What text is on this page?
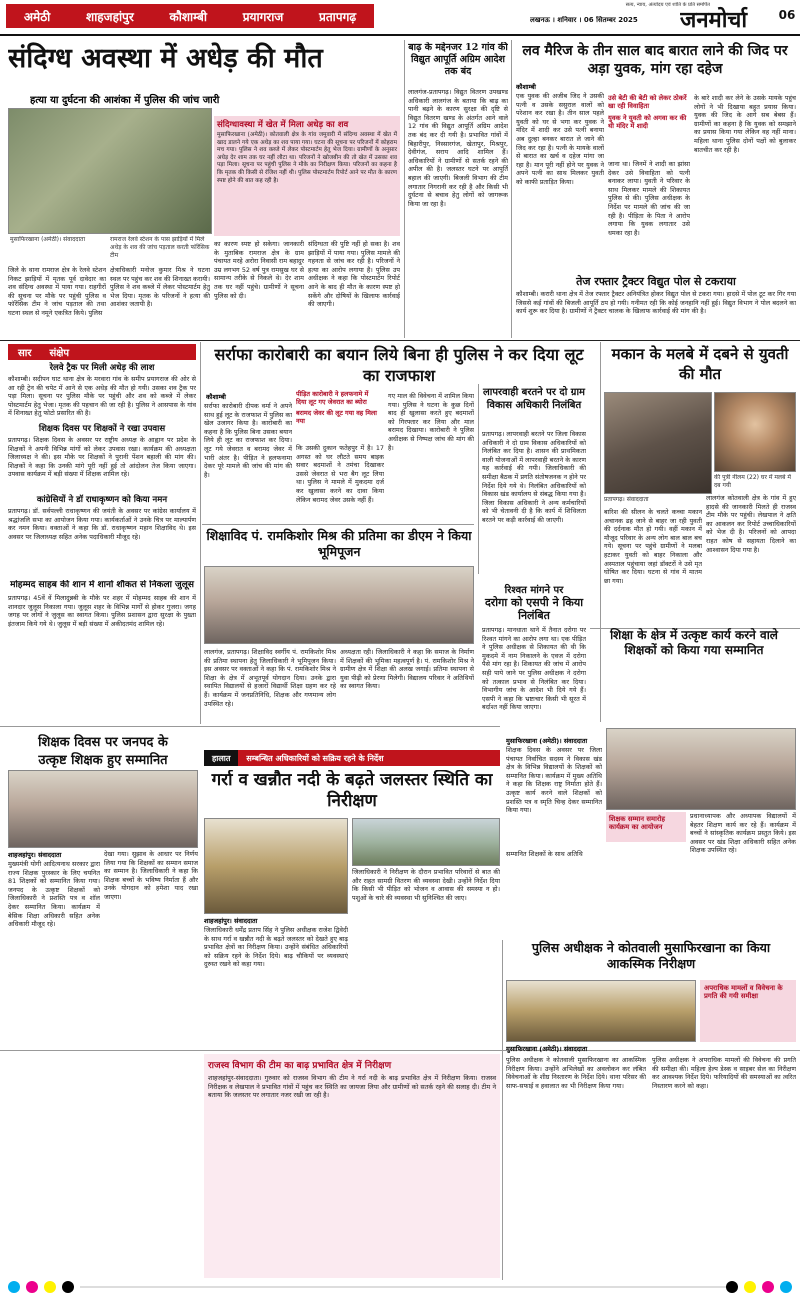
अमेठी	शाहजहांपुर	कौशाम्बी	प्रयागराज	प्रतापगढ़
सत्य, न्याय, अंत्योदय एवं शांति के प्रति समर्पित
लखनऊ । शनिवार । 06 सितम्बर 2025	जनमोर्चा	06
संदिग्ध अवस्था में अधेड़ की मौत
हत्या या दुर्घटना की आशंका में पुलिस की जांच जारी
मुसाफिरखाना (अमेठी)। संवाददाता	रामराज रेलवे स्टेशन के पास झाड़ियों में मिले अधेड़ के शव की जांच पड़ताल करती फॉरेंसिक टीम
संदिग्धावस्था में खेत में मिला अधेड़ का शव
मुसाफिरखाना (अमेठी)। कोतवाली क्षेत्र के गांव जमुवारी में संदिग्ध अवस्था में खेत में खाद डालने गये एक अधेड़ का शव पाया गया। घटना की सूचना पर परिजनों में कोहराम मच गया। पुलिस ने शव कब्जे में लेकर पोस्टमार्टम हेतु भेज दिया। ग्रामीणों के अनुसार अधेड़ देर शाम तक घर नहीं लौटा था। परिजनों ने खोजबीन की तो खेत में उसका शव पड़ा मिला। सूचना पर पहुंची पुलिस ने मौके का निरीक्षण किया। परिजनों का कहना है कि मृतक की किसी से रंजिश नहीं थी। पुलिस पोस्टमार्टम रिपोर्ट आने पर मौत के कारण स्पष्ट होने की बात कह रही है।
जिले के थाना रामराज क्षेत्र के रेलवे स्टेशन निकट झाड़ियों में मृतक पूर्व दावेदार का शव संदिग्ध अवस्था में पाया गया। राहगीरों की सूचना पर मौके पर पहुंची पुलिस व फॉरेंसिक टीम ने जांच पड़ताल की तथा घटना स्थल से नमूने एकत्रित किये। पुलिस
क्षेत्राधिकारी मनोज कुमार मिश्र ने घटना स्थल पर पहुंच कर शव की शिनाख्त करायी। पुलिस ने शव कब्जे में लेकर पोस्टमार्टम हेतु भेज दिया। मृतक के परिजनों ने हत्या की आशंका जतायी है।
का कारण स्पष्ट हो सकेगा। जानकारी के मुताबिक रामराज क्षेत्र के ग्राम पंचायत मरहे अरोरा निवासी राम बहादुर उम्र लगभग 52 वर्ष पुत्र रामसुख घर से सामान्य तरीके से निकले थे। देर शाम तक घर नहीं पहुंचे। ग्रामीणों ने सूचना पुलिस को दी।
संदिग्धता की पुष्टि नहीं हो सका है। शव झाड़ियों में पाया गया। पुलिस मामले की गहनता से जांच कर रही है। परिजनों ने हत्या का आरोप लगाया है। पुलिस उप अधीक्षक ने कहा कि पोस्टमार्टम रिपोर्ट आने के बाद ही मौत के कारण स्पष्ट हो सकेंगे और दोषियों के खिलाफ कार्रवाई की जाएगी।
बाढ़ के मद्देनजर 12 गांव की विद्युत आपूर्ति अग्रिम आदेश तक बंद
लालगंज-प्रतापगढ़। विद्युत वितरण उपखण्ड अधिकारी लालगंज के बताया कि बाढ़ का पानी बढ़ने के कारण सुरक्षा की दृष्टि से विद्युत वितरण खण्ड के अंतर्गत आने वाले 12 गांव की विद्युत आपूर्ति अग्रिम आदेश तक बंद कर दी गयी है। प्रभावित गांवों में बिहारीपुर, निस्सारगंज, खेतापुर, मिश्रपुर, देवीगंज, सराय आदि शामिल हैं। अधिकारियों ने ग्रामीणों से सतर्क रहने की अपील की है। जलस्तर घटने पर आपूर्ति बहाल की जाएगी। बिजली विभाग की टीम लगातार निगरानी कर रही है और किसी भी दुर्घटना से बचाव हेतु लोगों को जागरूक किया जा रहा है।
लव मैरिज के तीन साल बाद बारात लाने की जिद पर अड़ा युवक, मांग रहा दहेज
कौशाम्बी
एक युवक की अजीब जिद ने उसकी पत्नी व उसके ससुराल वालों को परेशान कर रखा है। तीन साल पहले युवती को घर से भगा कर युवक ने मंदिर में शादी कर उसे पत्नी बनाया अब दुल्हा बनकर बारात ले जाने की जिद कर रहा है। पत्नी के मायके वालों से बारात का खर्च व दहेज मांगा जा रहा है। मान पूरी नहीं होने पर युवक ने अपने पत्नी का साथ मिलकर युवती को काफी प्रताड़ित किया।
उसे बेटी की बेटी को लेकर ठोकरें खा रही विवाहिता
युवक ने युवती को अगवा कर की थी मंदिर में शादी
जाना था। जिनमें ने शादी का झांसा देकर उसे विवाहिता को पत्नी बनाकर लाया। युवती ने परिवार के साथ मिलकर मामले की शिकायत पुलिस से की। पुलिस अधीक्षक के निर्देश पर मामले की जांच की जा रही है। पीड़िता के पिता ने आरोप लगाया कि युवक लगातार उसे धमका रहा है।
के बारे शादी कर लेने के उसके मायके पहुंच लोगों ने भी दिखाया बहुत प्रयास किया। युवक की जिद के आगे सब बेबस हैं। ग्रामीणों का कहना है कि युवक को समझाने का प्रयास किया गया लेकिन वह नहीं माना। महिला थाना पुलिस दोनों पक्षों को बुलाकर बातचीत कर रही है।
तेज रफ्तार ट्रैक्टर विद्युत पोल से टकराया
कौशाम्बी। करारी थाना क्षेत्र में तेज रफ्तार ट्रैक्टर अनियंत्रित होकर विद्युत पोल से टकरा गया। हादसे में पोल टूट कर गिर गया जिससे कई गांवों की बिजली आपूर्ति ठप हो गयी। गनीमत रही कि कोई जनहानि नहीं हुई। विद्युत विभाग ने पोल बदलने का कार्य शुरू कर दिया है। ग्रामीणों ने ट्रैक्टर चालक के खिलाफ कार्रवाई की मांग की है।
सार संक्षेप
रेलवे ट्रैक पर मिली अधेड़ की लाश
कौशाम्बी। सदीपन घाट थाना क्षेत्र के मरवारा गांव के समीप प्रयागराज की ओर से आ रही ट्रेन की चपेट में आने से एक अधेड़ की मौत हो गयी। उसका शव ट्रैक पर पड़ा मिला। सूचना पर पुलिस मौके पर पहुंची और शव को कब्जे में लेकर पोस्टमार्टम हेतु भेजा। मृतक की पहचान की जा रही है। पुलिस ने आसपास के गांव में शिनाख्त हेतु फोटो प्रसारित की है।
शिक्षक दिवस पर शिक्षकों ने रखा उपवास
प्रतापगढ़। शिक्षक दिवस के अवसर पर राष्ट्रीय अध्यक्ष के आह्वान पर प्रदेश के शिक्षकों ने अपनी विभिन्न मांगों को लेकर उपवास रखा। कार्यक्रम की अध्यक्षता जिलाध्यक्ष ने की। इस मौके पर शिक्षकों ने पुरानी पेंशन बहाली की मांग की। शिक्षकों ने कहा कि उनकी मांगे पूरी नहीं हुई तो आंदोलन तेज किया जाएगा। उपवास कार्यक्रम में बड़ी संख्या में शिक्षक शामिल रहे।
कांग्रेसियों ने डॉ राधाकृष्णन को किया नमन
प्रतापगढ़। डॉ. सर्वपल्ली राधाकृष्णन की जयंती के अवसर पर कांग्रेस कार्यालय में श्रद्धांजलि सभा का आयोजन किया गया। कार्यकर्ताओं ने उनके चित्र पर माल्यार्पण कर नमन किया। वक्ताओं ने कहा कि डॉ. राधाकृष्णन महान शिक्षाविद थे। इस अवसर पर जिलाध्यक्ष सहित अनेक पदाधिकारी मौजूद रहे।
मोहम्मद साहब की शान में शानो शौकत से निकला जुलूस
प्रतापगढ़। 45वें वें मिलादुन्नबी के मौके पर शहर में मोहम्मद साहब की शान में शानदार जुलूस निकाला गया। जुलूस शहर के विभिन्न मार्गों से होकर गुजरा। जगह जगह पर लोगों ने जुलूस का स्वागत किया। पुलिस प्रशासन द्वारा सुरक्षा के पुख्ता इंतजाम किये गये थे। जुलूस में बड़ी संख्या में अकीदतमंद शामिल रहे।
सर्राफा कारोबारी का बयान लिये बिना ही पुलिस ने कर दिया लूट का राजफाश
कौशाम्बी	पीड़ित कारोबारी ने हलफनामे में दिया लूट गए जेवरात का ब्योरा
बरामद जेवर की लूट गया वह मिला नया
सर्राफा कारोबारी दीपक वर्मा ने अपने साथ हुई लूट के राजफाश में पुलिस का खेल उजागर किया है। कारोबारी का कहना है कि पुलिस बिना उसका बयान लिये ही लूट का राजफाश कर दिया। लूट गये जेवरात व बरामद जेवर में भारी अंतर है। पीड़ित ने हलफनामा देकर पूरे मामले की जांच की मांग की है।
कि उसकी दुकान फतेहपुर में है। 17 अगस्त को घर लौटते समय बाइक सवार बदमाशों ने तमंचा दिखाकर उससे जेवरात से भरा बैग लूट लिया था। पुलिस ने मामले में मुकदमा दर्ज कर खुलासा करने का दावा किया लेकिन बरामद जेवर उसके नहीं हैं।
गए माल की विवेचना में शामिल किया गया। पुलिस ने घटना के कुछ दिनों बाद ही खुलासा करते हुए बदमाशों को गिरफ्तार कर लिया और माल बरामद दिखाया। कारोबारी ने पुलिस अधीक्षक से निष्पक्ष जांच की मांग की है।
लापरवाही बरतने पर दो ग्राम विकास अधिकारी निलंबित
प्रतापगढ़। लापरवाही बरतने पर जिला विकास अधिकारी ने दो ग्राम विकास अधिकारियों को निलंबित कर दिया है। शासन की प्राथमिकता वाली योजनाओं में लापरवाही बरतने के कारण यह कार्रवाई की गयी। जिलाधिकारी की समीक्षा बैठक में प्रगति संतोषजनक न होने पर निर्देश दिये गये थे। निलंबित अधिकारियों को विकास खंड कार्यालय से संबद्ध किया गया है। जिला विकास अधिकारी ने अन्य कर्मचारियों को भी चेतावनी दी है कि कार्य में शिथिलता बरतने पर कड़ी कार्रवाई की जाएगी।
मकान के मलबे में दबने से युवती की मौत
प्रतापगढ़। संवाददाता
की पुत्री नीलम (22) घर में मलबे में दब गयी
बारिश की सीलन के चलते कच्चा मकान अचानक ढह जाने से बाहर जा रही युवती की दर्दनाक मौत हो गयी। वहीं मकान में मौजूद परिवार के अन्य लोग बाल बाल बच गये। सूचना पर पहुंचे ग्रामीणों ने मलबा हटाकर युवती को बाहर निकाला और अस्पताल पहुंचाया जहां डॉक्टरों ने उसे मृत घोषित कर दिया। घटना से गांव में मातम छा गया।
लालगंज कोतवाली क्षेत्र के गांव में हुए हादसे की जानकारी मिलते ही राजस्व टीम मौके पर पहुंची। लेखपाल ने क्षति का आकलन कर रिपोर्ट उच्चाधिकारियों को भेज दी है। परिजनों को आपदा राहत कोष से सहायता दिलाने का आश्वासन दिया गया है।
रिश्वत मांगने पर
दरोगा को एसपी ने किया निलंबित
प्रतापगढ़। मानधाता थाने में तैनात दरोगा पर रिश्वत मांगने का आरोप लगा था। एक पीड़ित ने पुलिस अधीक्षक से शिकायत की थी कि मुकदमे में नाम निकालने के एवज में दरोगा पैसे मांग रहा है। शिकायत की जांच में आरोप सही पाये जाने पर पुलिस अधीक्षक ने दरोगा को तत्काल प्रभाव से निलंबित कर दिया। विभागीय जांच के आदेश भी दिये गये हैं। एसपी ने कहा कि भ्रष्टाचार किसी भी सूरत में बर्दाश्त नहीं किया जाएगा।
शिक्षाविद पं. रामकिशोर मिश्र की प्रतिमा का डीएम ने किया भूमिपूजन
लालगंज, प्रतापगढ़। शिक्षाविद स्वर्गीय पं. रामकिशोर मिश्र की प्रतिमा स्थापना हेतु जिलाधिकारी ने भूमिपूजन किया। इस अवसर पर वक्ताओं ने कहा कि पं. रामकिशोर मिश्र ने शिक्षा के क्षेत्र में अभूतपूर्व योगदान दिया। उनके द्वारा स्थापित विद्यालयों से हजारों विद्यार्थी शिक्षा ग्रहण कर रहे हैं। कार्यक्रम में जनप्रतिनिधि, शिक्षक और गणमान्य लोग उपस्थित रहे।
अध्यक्षता रही। जिलाधिकारी ने कहा कि समाज के निर्माण में शिक्षकों की भूमिका महत्वपूर्ण है। पं. रामकिशोर मिश्र ने ग्रामीण क्षेत्र में शिक्षा की अलख जगाई। प्रतिमा स्थापना से युवा पीढ़ी को प्रेरणा मिलेगी। विद्यालय परिवार ने अतिथियों का स्वागत किया।
शिक्षा के क्षेत्र में उत्कृष्ट कार्य करने वाले शिक्षकों को किया गया सम्मानित
मुसाफिरखाना (अमेठी)। संवाददाता
शिक्षक दिवस के अवसर पर जिला पंचायत निर्वाचित सदस्य ने विकास खंड क्षेत्र के विभिन्न विद्यालयों के शिक्षकों को सम्मानित किया। कार्यक्रम में मुख्य अतिथि ने कहा कि शिक्षक राष्ट्र निर्माता होते हैं। उत्कृष्ट कार्य करने वाले शिक्षकों को प्रशस्ति पत्र व स्मृति चिन्ह देकर सम्मानित किया गया।
शिक्षक सम्मान समारोह कार्यक्रम का आयोजन
प्रधानाध्यापक और अध्यापक विद्यालयों में बेहतर शिक्षण कार्य कर रहे हैं। कार्यक्रम में बच्चों ने सांस्कृतिक कार्यक्रम प्रस्तुत किये। इस अवसर पर खंड शिक्षा अधिकारी सहित अनेक शिक्षक उपस्थित रहे।
सम्मानित शिक्षकों के साथ अतिथि
शिक्षक दिवस पर जनपद के
उत्कृष्ट शिक्षक हुए सम्मानित
शाहजहांपुर। संवाददाता
मुख्यमंत्री योगी आदित्यनाथ सरकार द्वारा राज्य शिक्षक पुरस्कार के लिए चयनित 81 शिक्षकों को सम्मानित किया गया। जनपद के उत्कृष्ट शिक्षकों को जिलाधिकारी ने प्रशस्ति पत्र व शॉल देकर सम्मानित किया। कार्यक्रम में बेसिक शिक्षा अधिकारी सहित अनेक अधिकारी मौजूद रहे।
देखा गया। सुझाव के आधार पर निर्णय लिया गया कि शिक्षकों का सम्मान समाज का सम्मान है। जिलाधिकारी ने कहा कि शिक्षक बच्चों के भविष्य निर्माता हैं और उनके योगदान को हमेशा याद रखा जाएगा।
हालात	सम्बन्धित अधिकारियों को सक्रिय रहने के निर्देश
गर्रा व खन्नौत नदी के बढ़ते जलस्तर स्थिति का निरीक्षण
शाहजहांपुर। संवाददाता
जिलाधिकारी धर्मेंद्र प्रताप सिंह ने पुलिस अधीक्षक राजेश द्विवेदी के साथ गर्रा व खन्नौत नदी के बढ़ते जलस्तर को देखते हुए बाढ़ प्रभावित क्षेत्रों का निरीक्षण किया। उन्होंने संबंधित अधिकारियों को सक्रिय रहने के निर्देश दिये। बाढ़ चौकियों पर व्यवस्थाएं दुरुस्त रखने को कहा गया।
जिलाधिकारी ने निरीक्षण के दौरान प्रभावित परिवारों से बात की और राहत सामग्री वितरण की व्यवस्था देखी। उन्होंने निर्देश दिया कि किसी भी पीड़ित को भोजन व आवास की समस्या न हो। पशुओं के चारे की व्यवस्था भी सुनिश्चित की जाए।
राजस्व विभाग की टीम का बाढ़ प्रभावित क्षेत्र में निरीक्षण
शाहजहांपुर-संवाददाता। गुरुवार को राजस्व विभाग की टीम ने गर्रा नदी के बाढ़ प्रभावित क्षेत्र में निरीक्षण किया। राजस्व निरीक्षक व लेखपाल ने प्रभावित गांवों में पहुंच कर स्थिति का जायजा लिया और ग्रामीणों को सतर्क रहने की सलाह दी। टीम ने बताया कि जलस्तर पर लगातार नजर रखी जा रही है।
पुलिस अधीक्षक ने कोतवाली मुसाफिरखाना का किया आकस्मिक निरीक्षण
मुसाफिरखाना (अमेठी)। संवाददाता
अपराधिक मामलों व विवेचना के प्रगति की गयी समीक्षा
पुलिस अधीक्षक ने कोतवाली मुसाफिरखाना का आकस्मिक निरीक्षण किया। उन्होंने अभिलेखों का अवलोकन कर लंबित विवेचनाओं के शीघ्र निस्तारण के निर्देश दिये। थाना परिसर की साफ-सफाई व हवालात का भी निरीक्षण किया गया।
पुलिस अधीक्षक ने अपराधिक मामलों की विवेचना की प्रगति की समीक्षा की। महिला हेल्प डेस्क व साइबर सेल का निरीक्षण कर आवश्यक निर्देश दिये। फरियादियों की समस्याओं का त्वरित निस्तारण करने को कहा।
